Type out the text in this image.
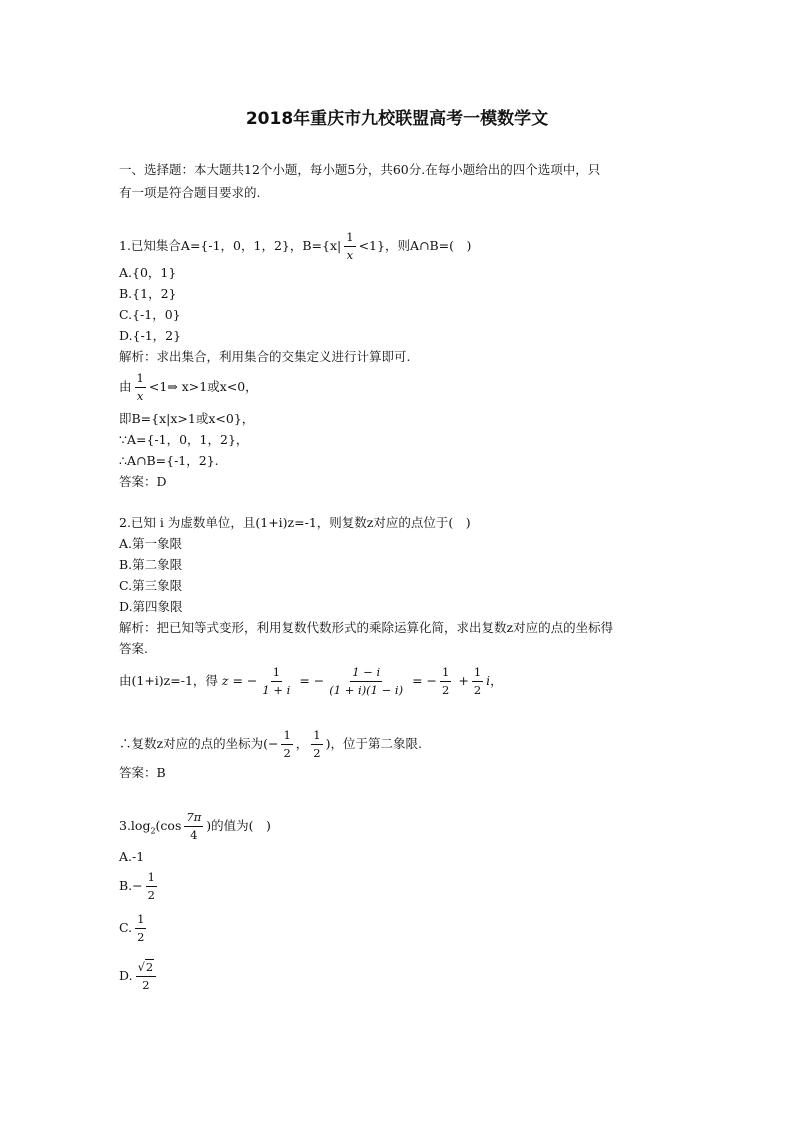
2018年重庆市九校联盟高考一模数学文
一、选择题：本大题共12个小题，每小题5分，共60分.在每小题给出的四个选项中，只
有一项是符合题目要求的.
1.已知集合A={-1，0，1，2}，$B=\{x| \frac{1}{x} <1\}$，则A∩B=(　)
A.{0，1}
B.{1，2}
C.{-1，0}
D.{-1，2}
解析：求出集合，利用集合的交集定义进行计算即可.
由 $\frac{1}{x}$ <1⇒ x>1或x<0，
即B={x|x>1或x<0}，
∵A={-1，0，1，2}，
∴A∩B={-1，2}.
答案：D
2.已知 i 为虚数单位，且(1+i)z=-1，则复数z对应的点位于(　)
A.第一象限
B.第二象限
C.第三象限
D.第四象限
解析：把已知等式变形，利用复数代数形式的乘除运算化简，求出复数z对应的点的坐标得
答案.
由(1+i)z=-1，得 z = − $\frac{1}{1 + i}$ = − $\frac{1 - i}{(1 + i)(1 - i)}$ = − $\frac{1}{2} + \frac{1}{2}$ i，
∴复数z对应的点的坐标为(− $\frac{1}{2}$ ， $\frac{1}{2}$ )，位于第二象限.
答案：B
$3.\log_2(\cos \frac{7\pi}{4}$ )的值为(　)
A.-1
$B.- \frac{1}{2}$
C. $\frac{1}{2}$
D. $\frac{√2}{2}$
